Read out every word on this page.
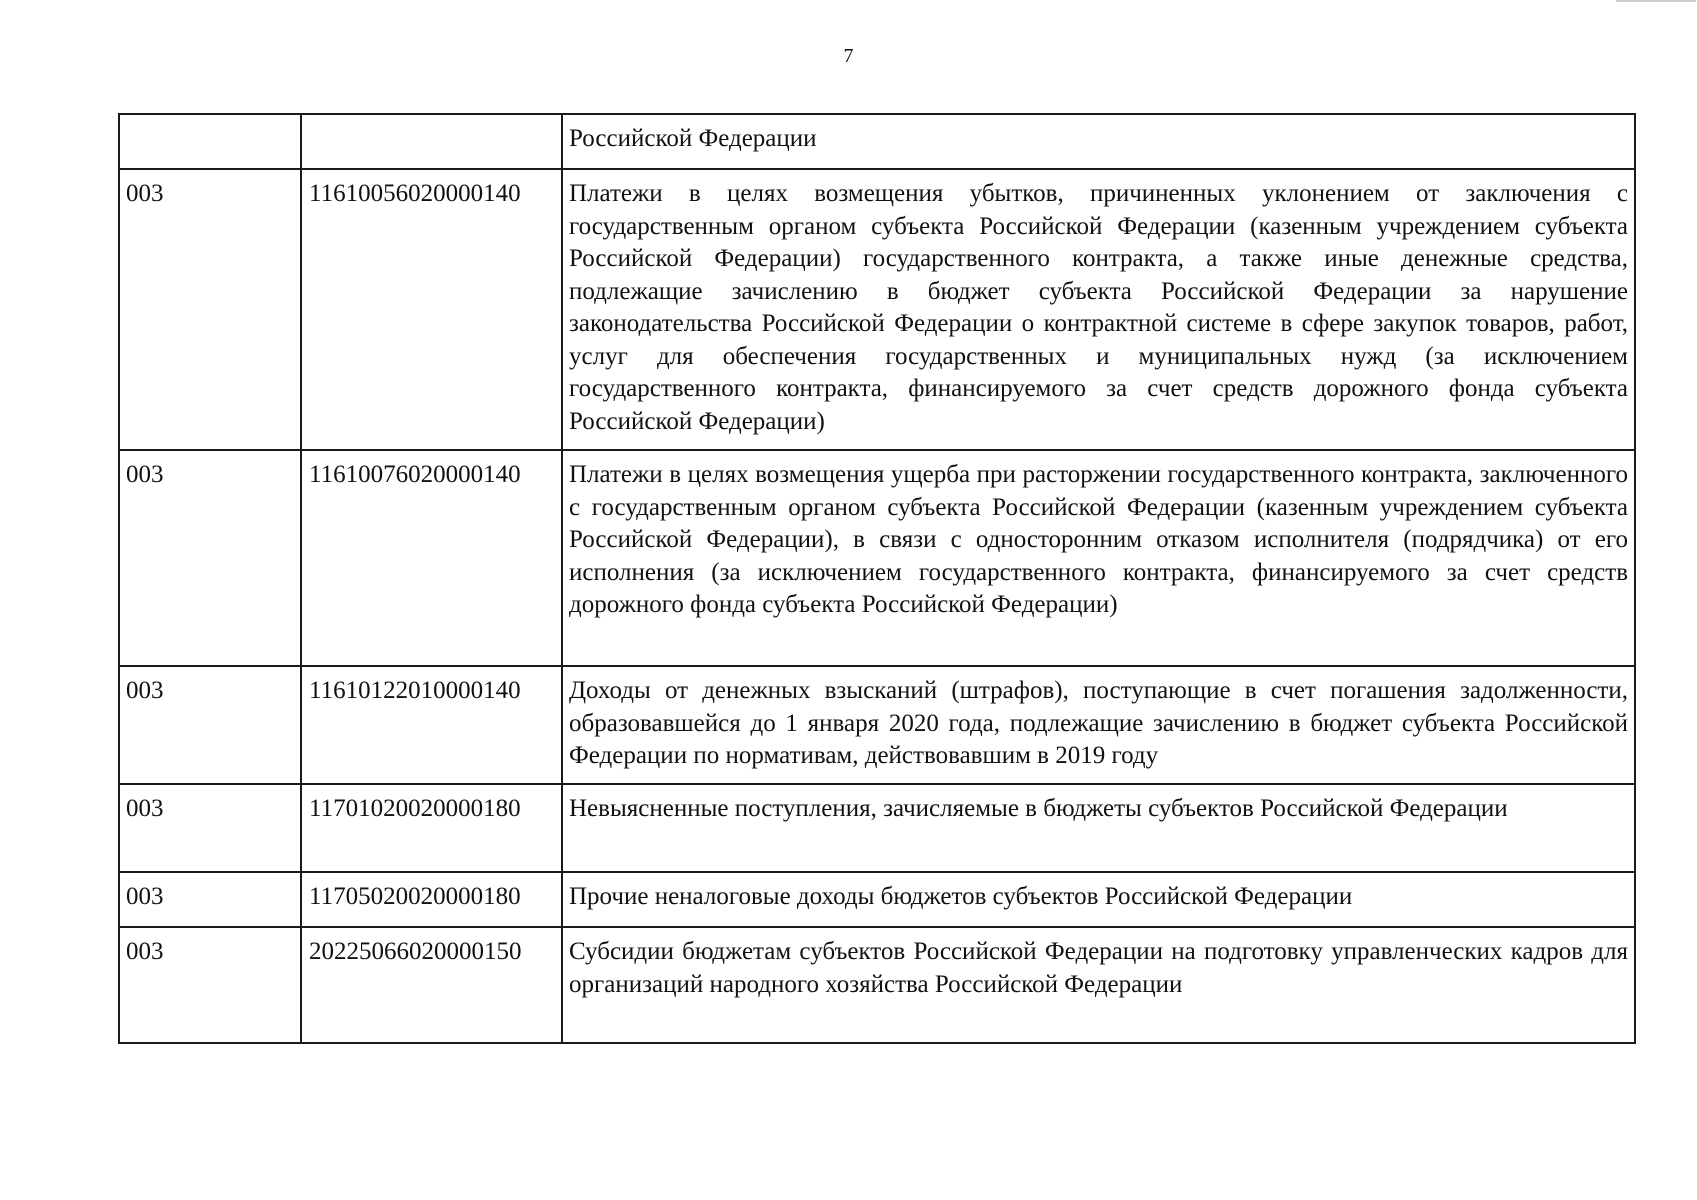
7
		Российской Федерации
003	11610056020000140	Платежи в целях возмещения убытков, причиненных уклонением от заключения с государственным органом субъекта Российской Федерации (казенным учреждением субъекта Российской Федерации) государственного контракта, а также иные денежные средства, подлежащие зачислению в бюджет субъекта Российской Федерации за нарушение законодательства Российской Федерации о контрактной системе в сфере закупок товаров, работ, услуг для обеспечения государственных и муниципальных нужд (за исключением государственного контракта, финансируемого за счет средств дорожного фонда субъекта Российской Федерации)
003	11610076020000140	Платежи в целях возмещения ущерба при расторжении государственного контракта, заключенного с государственным органом субъекта Российской Федерации (казенным учреждением субъекта Российской Федерации), в связи с односторонним отказом исполнителя (подрядчика) от его исполнения (за исключением государственного контракта, финансируемого за счет средств дорожного фонда субъекта Российской Федерации)
003	11610122010000140	Доходы от денежных взысканий (штрафов), поступающие в счет погашения задолженности, образовавшейся до 1 января 2020 года, подлежащие зачислению в бюджет субъекта Российской Федерации по нормативам, действовавшим в 2019 году
003	11701020020000180	Невыясненные поступления, зачисляемые в бюджеты субъектов Российской Федерации
003	11705020020000180	Прочие неналоговые доходы бюджетов субъектов Российской Федерации
003	20225066020000150	Субсидии бюджетам субъектов Российской Федерации на подготовку управленческих кадров для организаций народного хозяйства Российской Федерации
